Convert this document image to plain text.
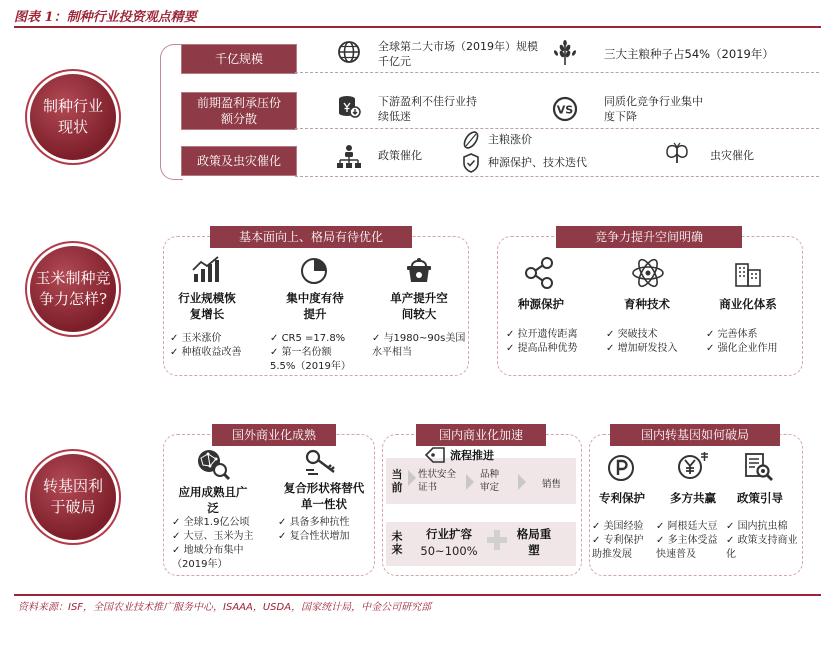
图表 1：制种行业投资观点精要
制种行业现状
千亿规模
全球第二大市场（2019年）规模千亿元
三大主粮种子占54%（2019年）
前期盈利承压份额分散
下游盈利不佳行业持续低迷	VS
同质化竞争行业集中度下降
政策及虫灾催化	政策催化
主粮涨价
种源保护、技术迭代
虫灾催化
玉米制种竞争力怎样?
基本面向上、格局有待优化
行业规模恢复增长
✓ 玉米涨价
✓ 种植收益改善
集中度有待提升
✓ CR5 =17.8%
✓ 第一名份额5.5%（2019年）
单产提升空间较大
✓ 与1980~90s美国水平相当
竞争力提升空间明确
种源保护
✓ 拉开遗传距离
✓ 提高品种优势
育种技术
✓ 突破技术
✓ 增加研发投入
商业化体系
✓ 完善体系
✓ 强化企业作用
转基因利于破局
国外商业化成熟
应用成熟且广泛
✓ 全球1.9亿公顷
✓ 大豆、玉米为主
✓ 地域分布集中（2019年）
复合形状将替代单一性状
✓ 具备多种抗性
✓ 复合性状增加
国内商业化加速
当前
未来
流程推进
性状安全证书
品种审定	销售
行业扩容
50~100%
格局重塑
国内转基因如何破局
专利保护
✓ 美国经验
✓ 专利保护助推发展
多方共赢
✓ 阿根廷大豆
✓ 多主体受益快速普及
政策引导
✓ 国内抗虫棉
✓ 政策支持商业化
资料来源：ISF，全国农业技术推广服务中心，ISAAA，USDA，国家统计局，中金公司研究部
